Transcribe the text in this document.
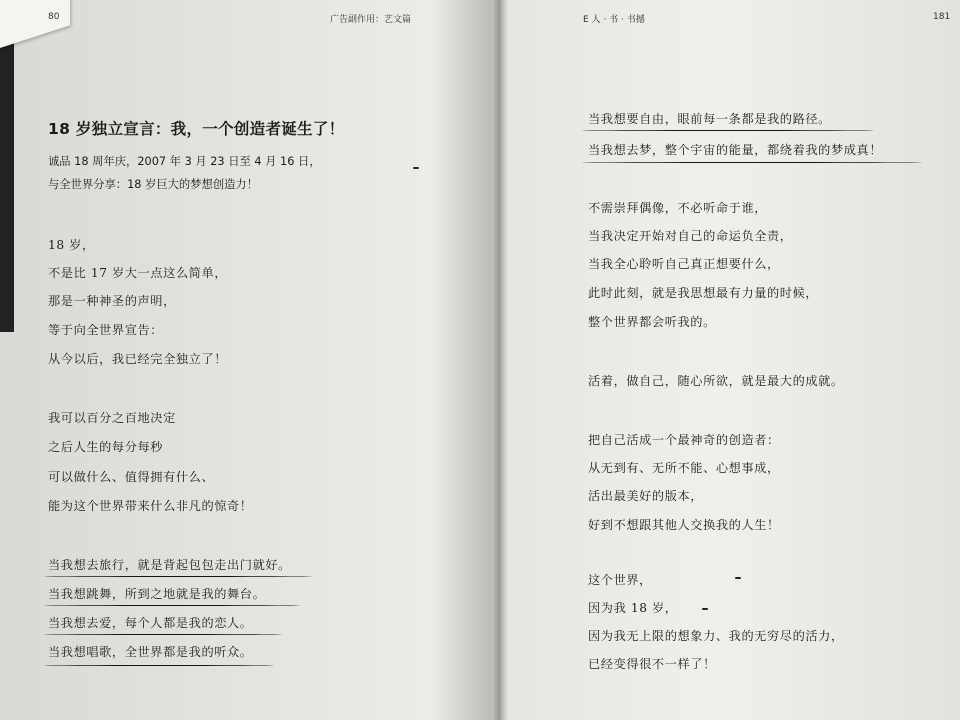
80	广告副作用：艺文篇	E 人 · 书 · 书撼	181
18 岁独立宣言：我，一个创造者诞生了！
诚品 18 周年庆，2007 年 3 月 23 日至 4 月 16 日，
与全世界分享：18 岁巨大的梦想创造力！
18 岁，
不是比 17 岁大一点这么简单，
那是一种神圣的声明，
等于向全世界宣告：
从今以后，我已经完全独立了！
我可以百分之百地决定
之后人生的每分每秒
可以做什么、值得拥有什么、
能为这个世界带来什么非凡的惊奇！
当我想去旅行，就是背起包包走出门就好。
当我想跳舞，所到之地就是我的舞台。
当我想去爱，每个人都是我的恋人。
当我想唱歌，全世界都是我的听众。
当我想要自由，眼前每一条都是我的路径。
当我想去梦，整个宇宙的能量，都绕着我的梦成真！
不需崇拜偶像，不必听命于谁，
当我决定开始对自己的命运负全责，
当我全心聆听自己真正想要什么，
此时此刻，就是我思想最有力量的时候，
整个世界都会听我的。
活着，做自己，随心所欲，就是最大的成就。
把自己活成一个最神奇的创造者：
从无到有、无所不能、心想事成，
活出最美好的版本，
好到不想跟其他人交换我的人生！
这个世界，
因为我 18 岁，
因为我无上限的想象力、我的无穷尽的活力，
已经变得很不一样了！
